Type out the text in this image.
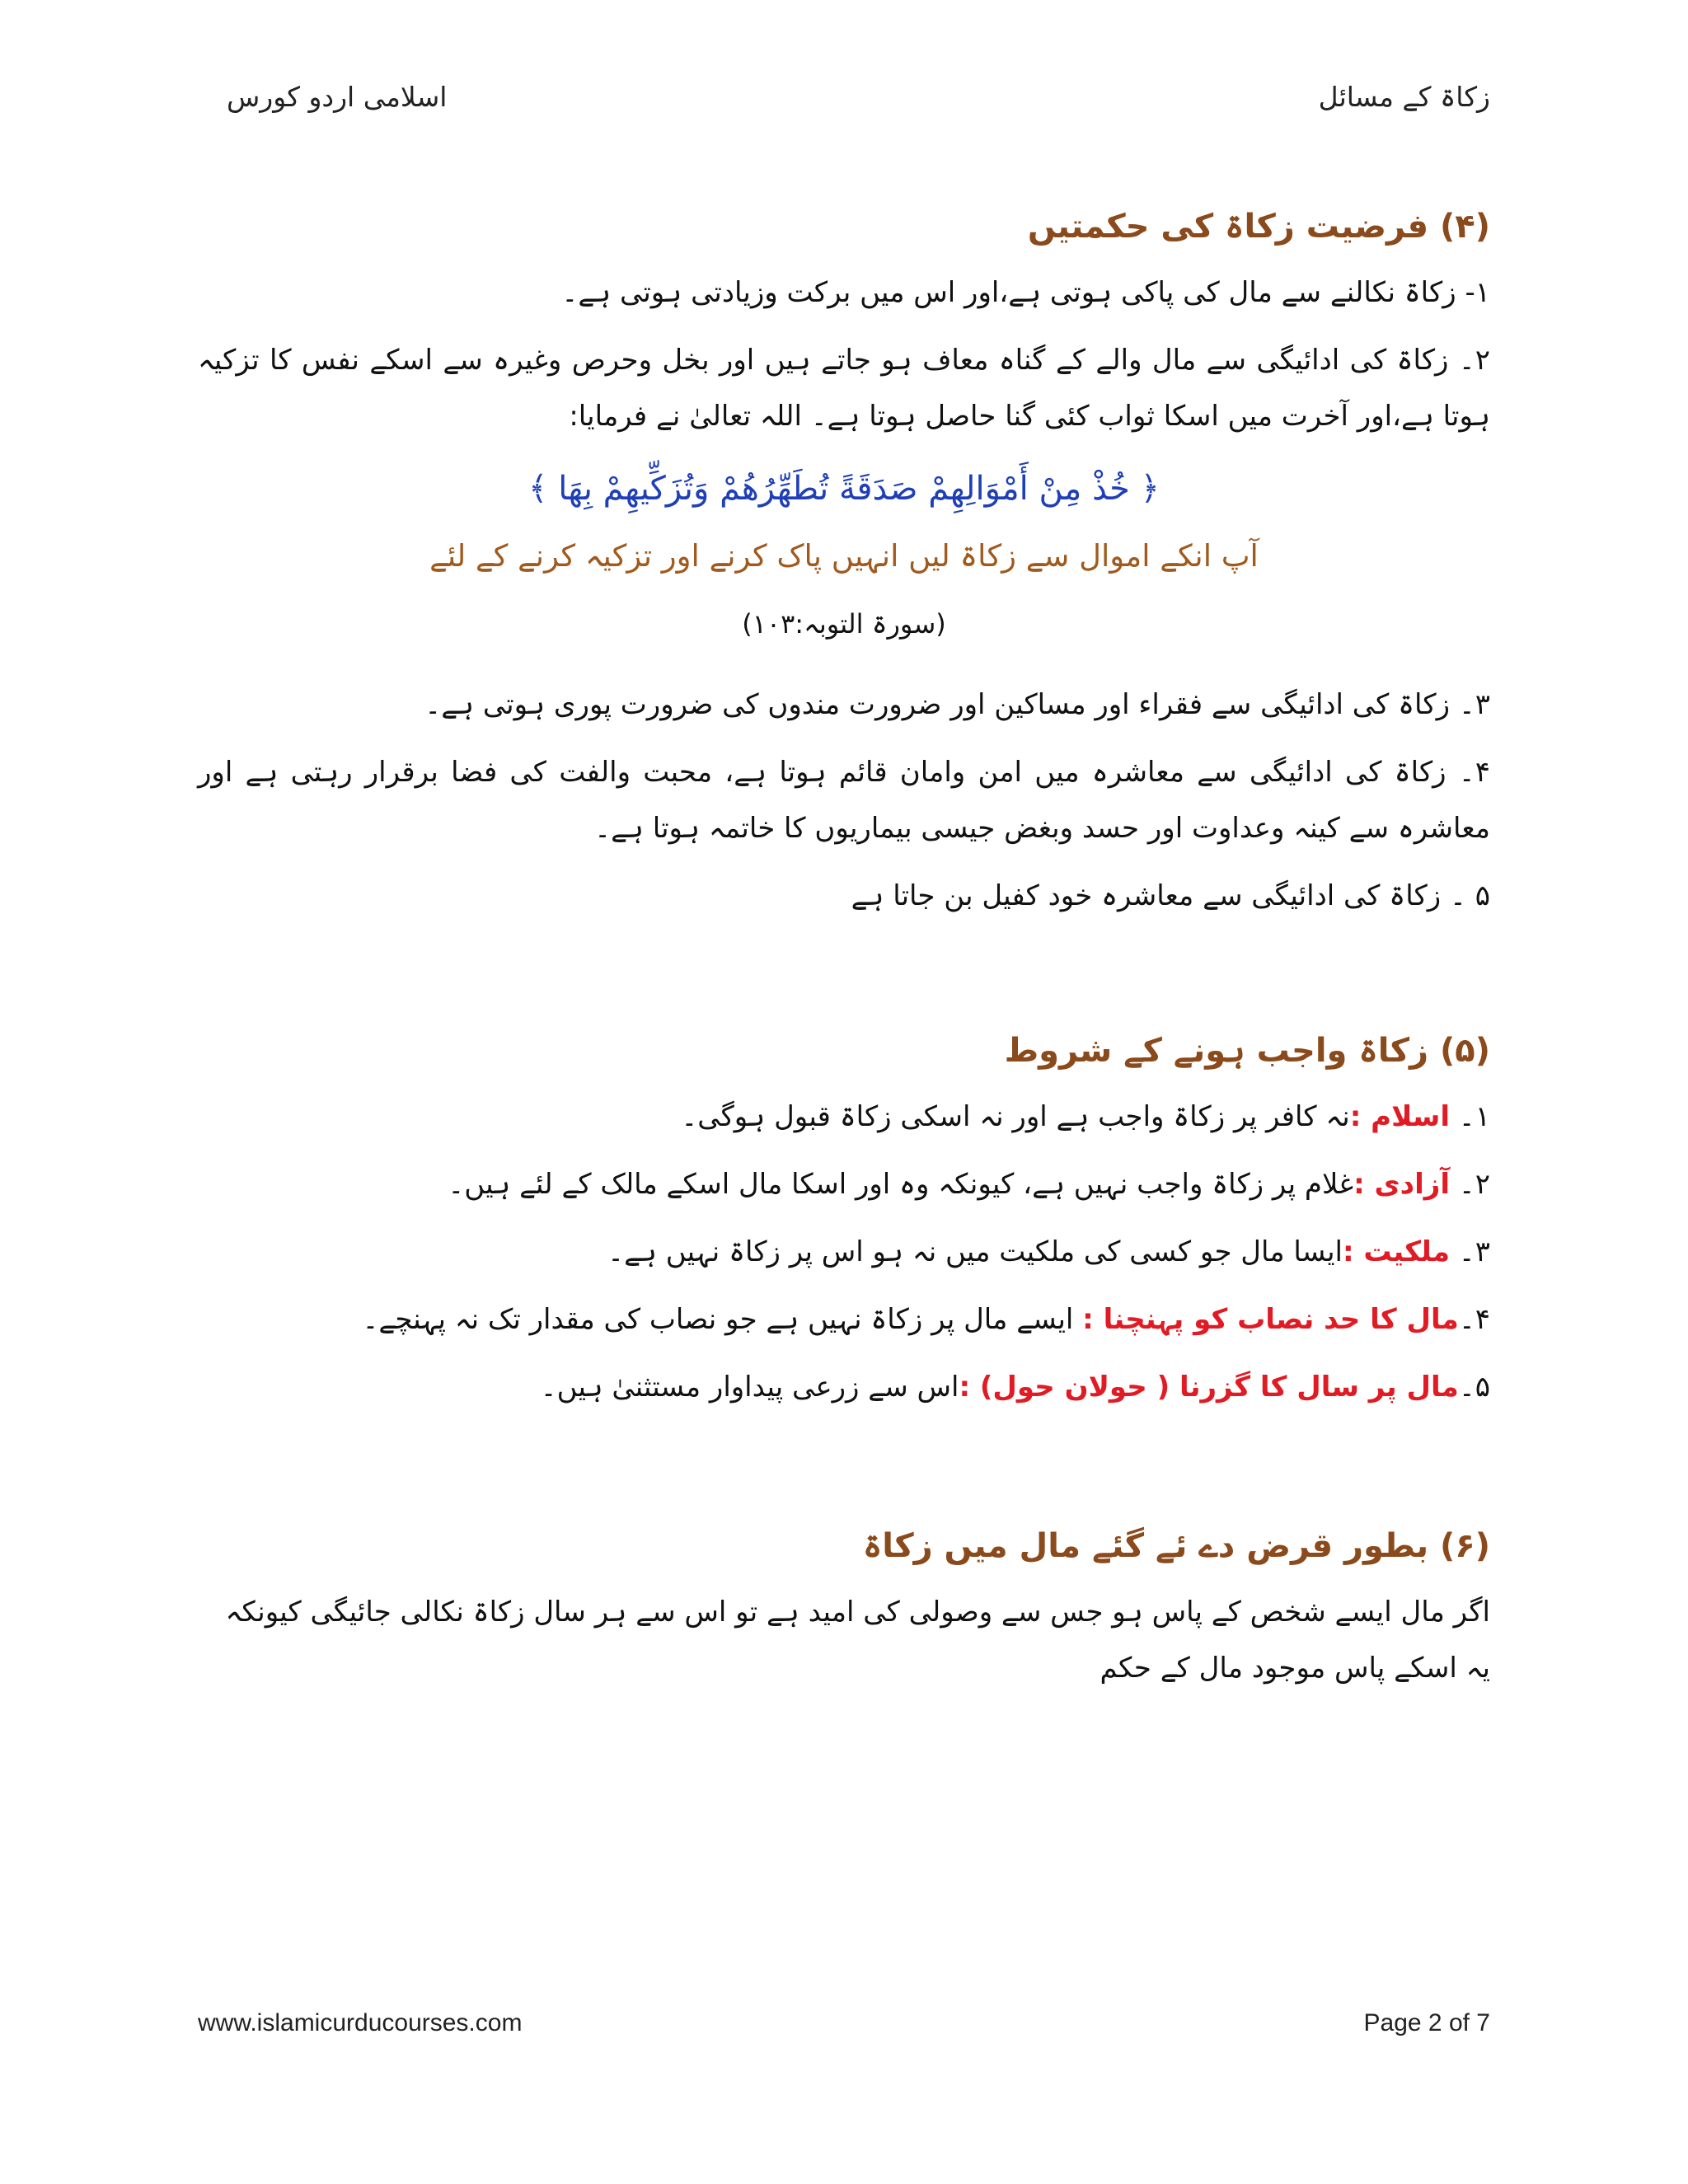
زکاۃ کے مسائل
اسلامی اردو کورس
(۴) فرضیت زکاۃ کی حکمتیں

۱- زکاۃ نکالنے سے مال کی پاکی ہوتی ہے،اور اس میں برکت وزیادتی ہوتی ہے۔

۲۔ زکاۃ کی ادائیگی سے مال والے کے گناہ معاف ہو جاتے ہیں اور بخل وحرص وغیرہ سے اسکے نفس کا تزکیہ ہوتا ہے،اور آخرت میں اسکا ثواب کئی گنا حاصل ہوتا ہے۔ اللہ تعالیٰ نے فرمایا:

﴿ خُذْ مِنْ أَمْوَالِهِمْ صَدَقَةً تُطَهِّرُهُمْ وَتُزَكِّيهِمْ بِهَا ﴾
آپ انکے اموال سے زکاۃ لیں انہیں پاک کرنے اور تزکیہ کرنے کے لئے
(سورۃ التوبہ:۱۰۳)

۳۔ زکاۃ کی ادائیگی سے فقراء اور مساکین اور ضرورت مندوں کی ضرورت پوری ہوتی ہے۔

۴۔ زکاۃ کی ادائیگی سے معاشرہ میں امن وامان قائم ہوتا ہے، محبت والفت کی فضا برقرار رہتی ہے اور معاشرہ سے کینہ وعداوت اور حسد وبغض جیسی بیماریوں کا خاتمہ ہوتا ہے۔

۵ ۔ زکاۃ کی ادائیگی سے معاشرہ خود کفیل بن جاتا ہے

(۵) زکاۃ واجب ہونے کے شروط

۱۔ اسلام :نہ کافر پر زکاۃ واجب ہے اور نہ اسکی زکاۃ قبول ہوگی۔

۲۔ آزادی :غلام پر زکاۃ واجب نہیں ہے، کیونکہ وہ اور اسکا مال اسکے مالک کے لئے ہیں۔

۳۔ ملکیت :ایسا مال جو کسی کی ملکیت میں نہ ہو اس پر زکاۃ نہیں ہے۔

۴۔مال کا حد نصاب کو پہنچنا : ایسے مال پر زکاۃ نہیں ہے جو نصاب کی مقدار تک نہ پہنچے۔

۵۔مال پر سال کا گزرنا ( حولان حول) :اس سے زرعی پیداوار مستثنیٰ ہیں۔

(۶) بطور قرض دے ئے گئے مال میں زکاۃ

اگر مال ایسے شخص کے پاس ہو جس سے وصولی کی امید ہے تو اس سے ہر سال زکاۃ نکالی جائیگی کیونکہ یہ اسکے پاس موجود مال کے حکم

www.islamicurducourses.com	Page 2 of 7
